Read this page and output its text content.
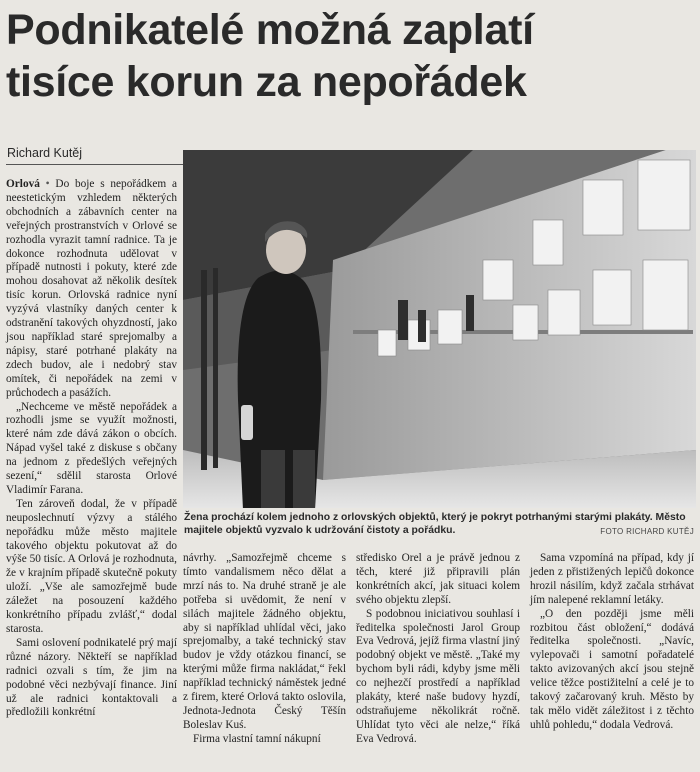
Podnikatelé možná zaplatí
tisíce korun za nepořádek
Richard Kutěj

Orlová • Do boje s nepořádkem a neestetickým vzhledem některých obchodních a zábavních center na veřejných prostranstvích v Orlové se rozhodla vyrazit tamní radnice. Ta je dokonce rozhodnuta udělovat v případě nutnosti i pokuty, které zde mohou dosahovat až několik desítek tisíc korun. Orlovská radnice nyní vyzývá vlastníky daných center k odstranění takových ohyzdností, jako jsou například staré sprejomalby a nápisy, staré potrhané plakáty na zdech budov, ale i nedobrý stav omítek, či nepořádek na zemi v průchodech a pasážích.

„Nechceme ve městě nepořádek a rozhodli jsme se využít možnosti, které nám zde dává zákon o obcích. Nápad vyšel také z diskuse s občany na jednom z předešlých veřejných sezení,“ sdělil starosta Orlové Vladimír Farana.

Ten zároveň dodal, že v případě neuposlechnutí výzvy a stálého nepořádku může město majitele takového objektu pokutovat až do výše 50 tisíc. A Orlová je rozhodnuta, že v krajním případě skutečně pokuty uloží. „Vše ale samozřejmě bude záležet na posouzení každého konkrétního případu zvlášť,“ dodal starosta.

Sami oslovení podnikatelé prý mají různé názory. Někteří se například radnici ozvali s tím, že jim na podobné věci nezbývají finance. Jiní už ale radnici kontaktovali a předložili konkrétní

Žena prochází kolem jednoho z orlovských objektů, který je pokryt potrhanými starými plakáty. Město majitele objektů vyzvalo k udržování čistoty a pořádku.	FOTO RICHARD KUTĚJ

návrhy. „Samozřejmě chceme s tímto vandalismem něco dělat a mrzí nás to. Na druhé straně je ale potřeba si uvědomit, že není v silách majitele žádného objektu, aby si například uhlídal věci, jako sprejomalby, a také technický stav budov je vždy otázkou financí, se kterými může firma nakládat,“ řekl například technický náměstek jedné z firem, které Orlová takto oslovila, Jednota-Jednota Český Těšín Boleslav Kuś.

Firma vlastní tamní nákupní

středisko Orel a je právě jednou z těch, které již připravili plán konkrétních akcí, jak situaci kolem svého objektu zlepší.

S podobnou iniciativou souhlasí i ředitelka společnosti Jarol Group Eva Vedrová, jejíž firma vlastní jiný podobný objekt ve městě. „Také my bychom byli rádi, kdyby jsme měli co nejhezčí prostředí a například plakáty, které naše budovy hyzdí, odstraňujeme několikrát ročně. Uhlídat tyto věci ale nelze,“ říká Eva Vedrová.

Sama vzpomíná na případ, kdy jí jeden z přistižených lepičů dokonce hrozil násilím, když začala strhávat jím nalepené reklamní letáky.

„O den později jsme měli rozbitou část obložení,“ dodává ředitelka společnosti. „Navíc, vylepovači i samotní pořadatelé takto avizovaných akcí jsou stejně velice těžce postižitelní a celé je to takový začarovaný kruh. Město by tak mělo vidět záležitost i z těchto uhlů pohledu,“ dodala Vedrová.
